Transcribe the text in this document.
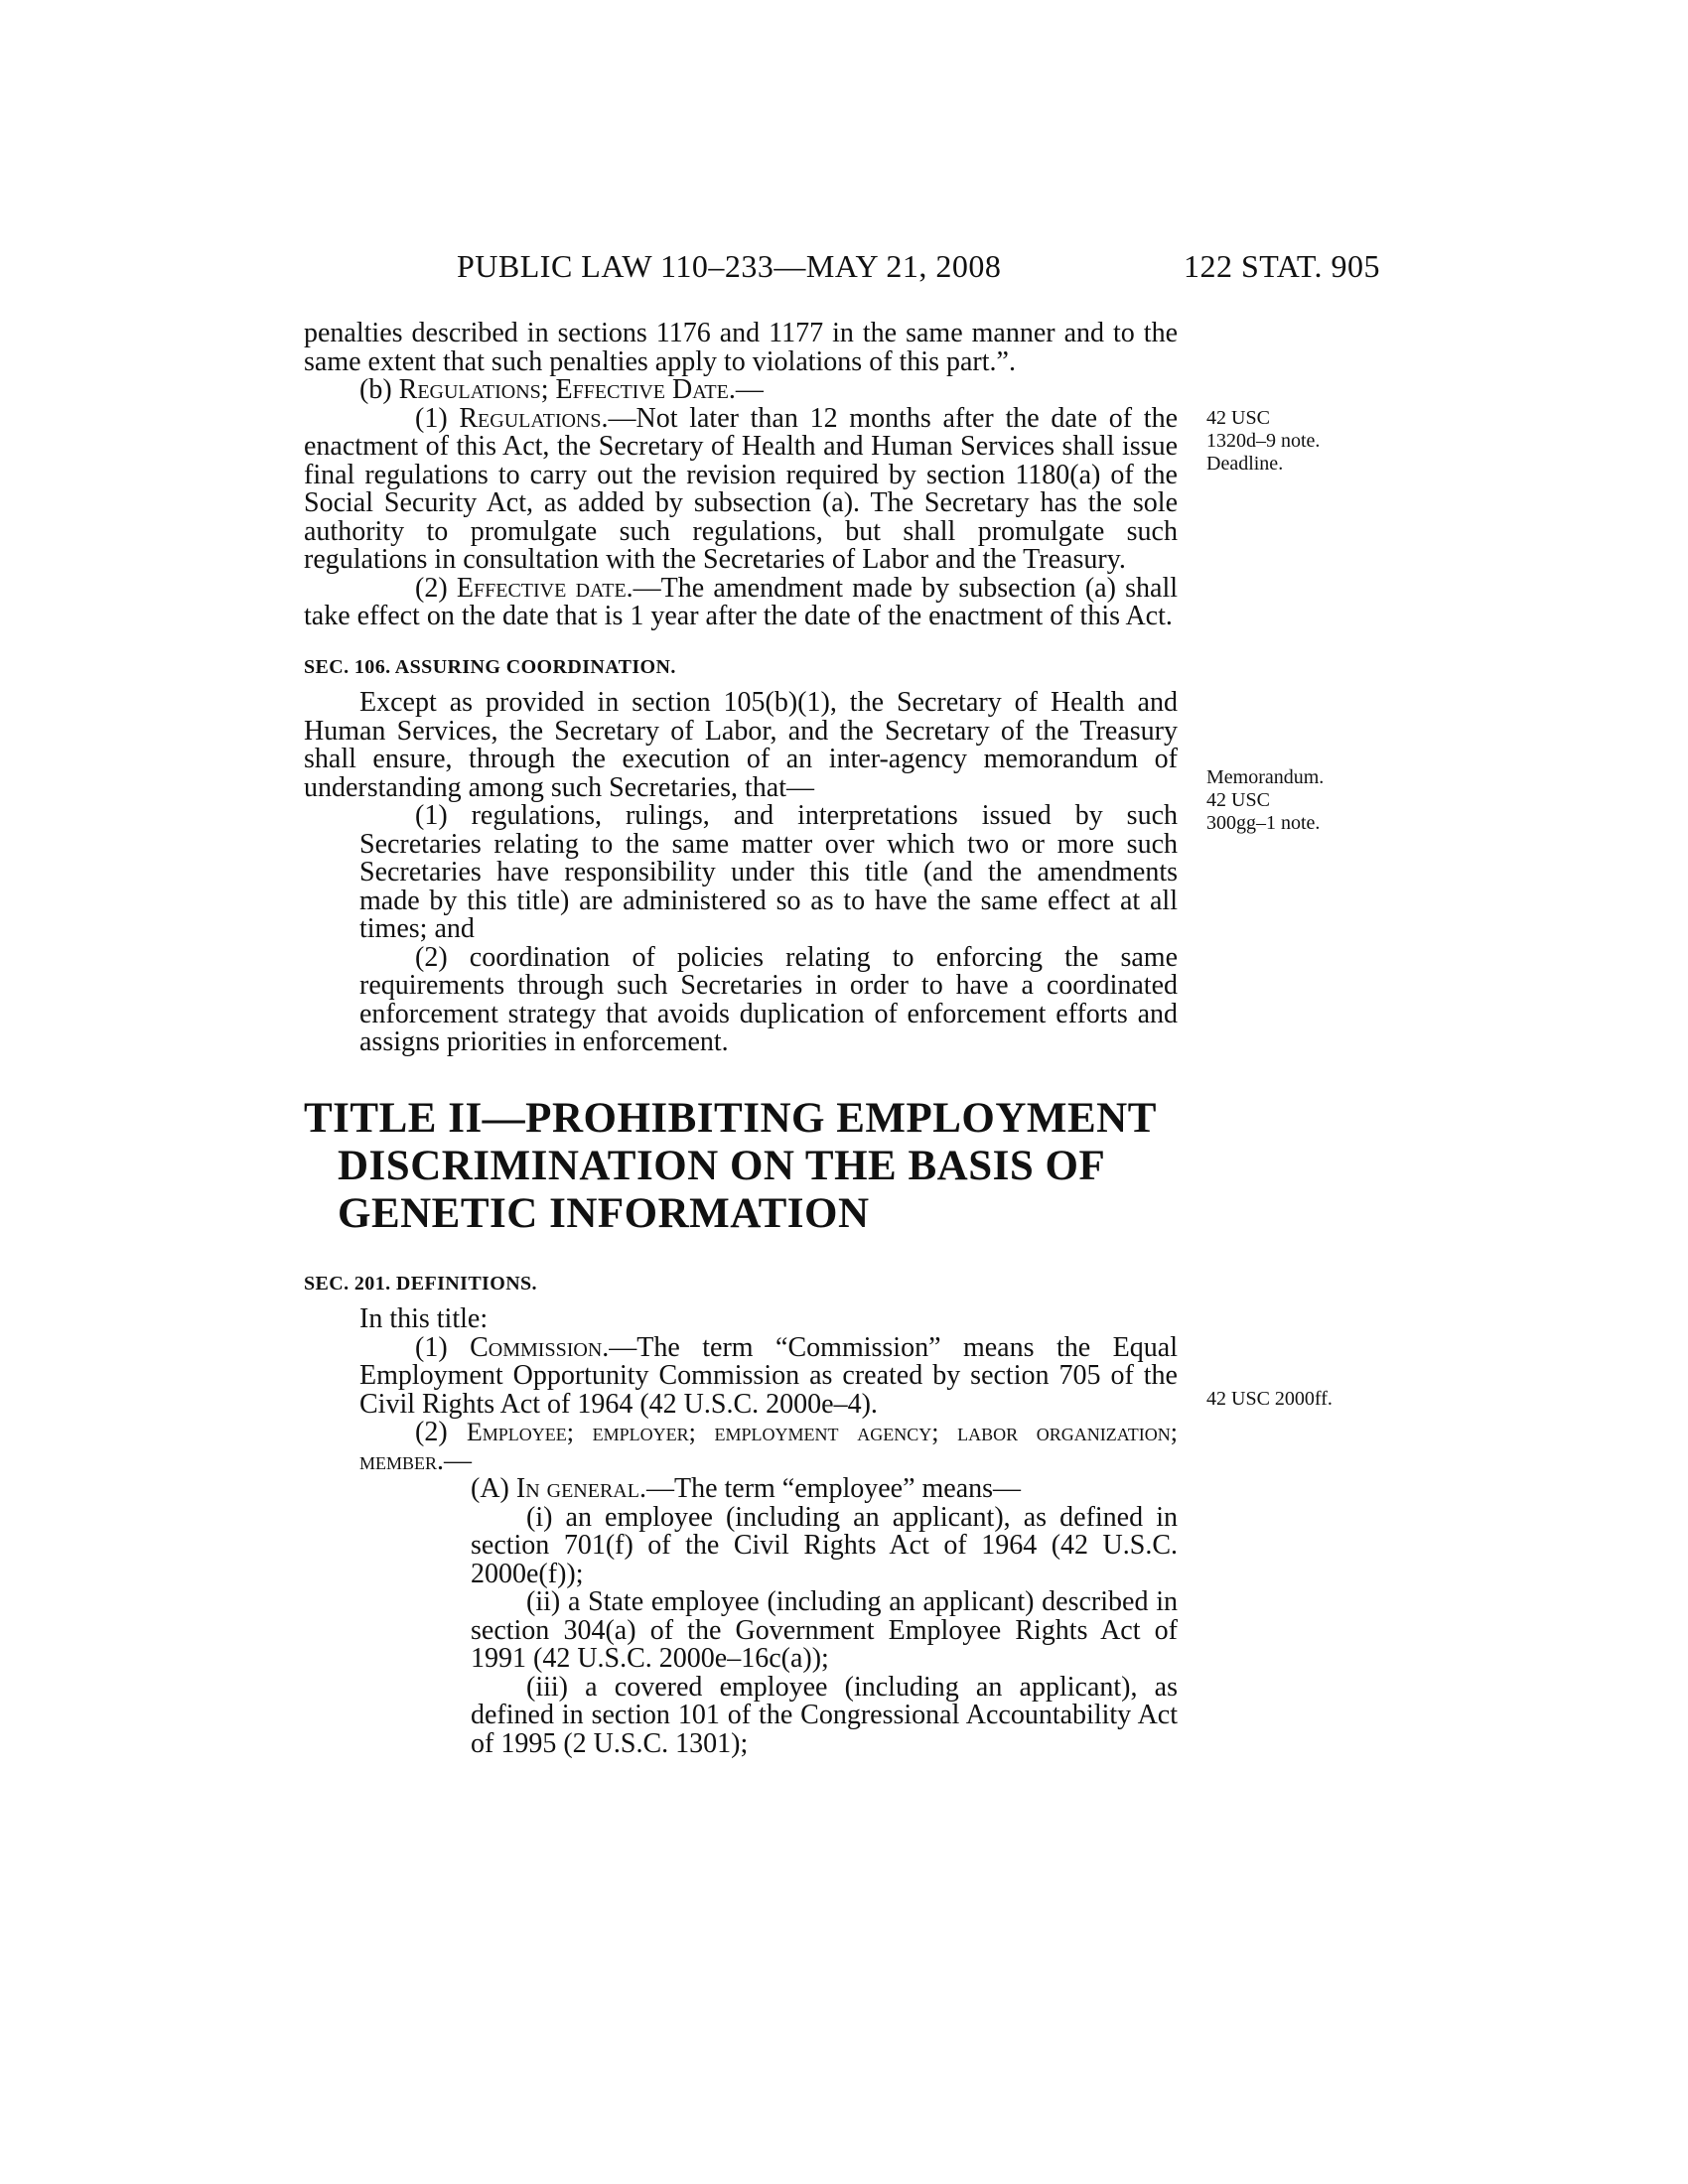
PUBLIC LAW 110–233—MAY 21, 2008	122 STAT. 905
42 USC
1320d–9 note.
Deadline.
Memorandum.
42 USC
300gg–1 note.
42 USC 2000ff.

penalties described in sections 1176 and 1177 in the same manner and to the same extent that such penalties apply to violations of this part.”.

(b) Regulations; Effective Date.—

(1) Regulations.—Not later than 12 months after the date of the enactment of this Act, the Secretary of Health and Human Services shall issue final regulations to carry out the revision required by section 1180(a) of the Social Security Act, as added by subsection (a). The Secretary has the sole authority to promulgate such regulations, but shall promulgate such regulations in consultation with the Secretaries of Labor and the Treasury.

(2) Effective date.—The amendment made by subsection (a) shall take effect on the date that is 1 year after the date of the enactment of this Act.

SEC. 106. ASSURING COORDINATION.

Except as provided in section 105(b)(1), the Secretary of Health and Human Services, the Secretary of Labor, and the Secretary of the Treasury shall ensure, through the execution of an inter-agency memorandum of understanding among such Secretaries, that—

(1) regulations, rulings, and interpretations issued by such Secretaries relating to the same matter over which two or more such Secretaries have responsibility under this title (and the amendments made by this title) are administered so as to have the same effect at all times; and

(2) coordination of policies relating to enforcing the same requirements through such Secretaries in order to have a coordinated enforcement strategy that avoids duplication of enforcement efforts and assigns priorities in enforcement.

TITLE II—PROHIBITING EMPLOYMENT
DISCRIMINATION ON THE BASIS OF
GENETIC INFORMATION
SEC. 201. DEFINITIONS.

In this title:

(1) Commission.—The term “Commission” means the Equal Employment Opportunity Commission as created by section 705 of the Civil Rights Act of 1964 (42 U.S.C. 2000e–4).

(2) Employee; employer; employment agency; labor organization; member.—

(A) In general.—The term “employee” means—

(i) an employee (including an applicant), as defined in section 701(f) of the Civil Rights Act of 1964 (42 U.S.C. 2000e(f));

(ii) a State employee (including an applicant) described in section 304(a) of the Government Employee Rights Act of 1991 (42 U.S.C. 2000e–16c(a));

(iii) a covered employee (including an applicant), as defined in section 101 of the Congressional Accountability Act of 1995 (2 U.S.C. 1301);
